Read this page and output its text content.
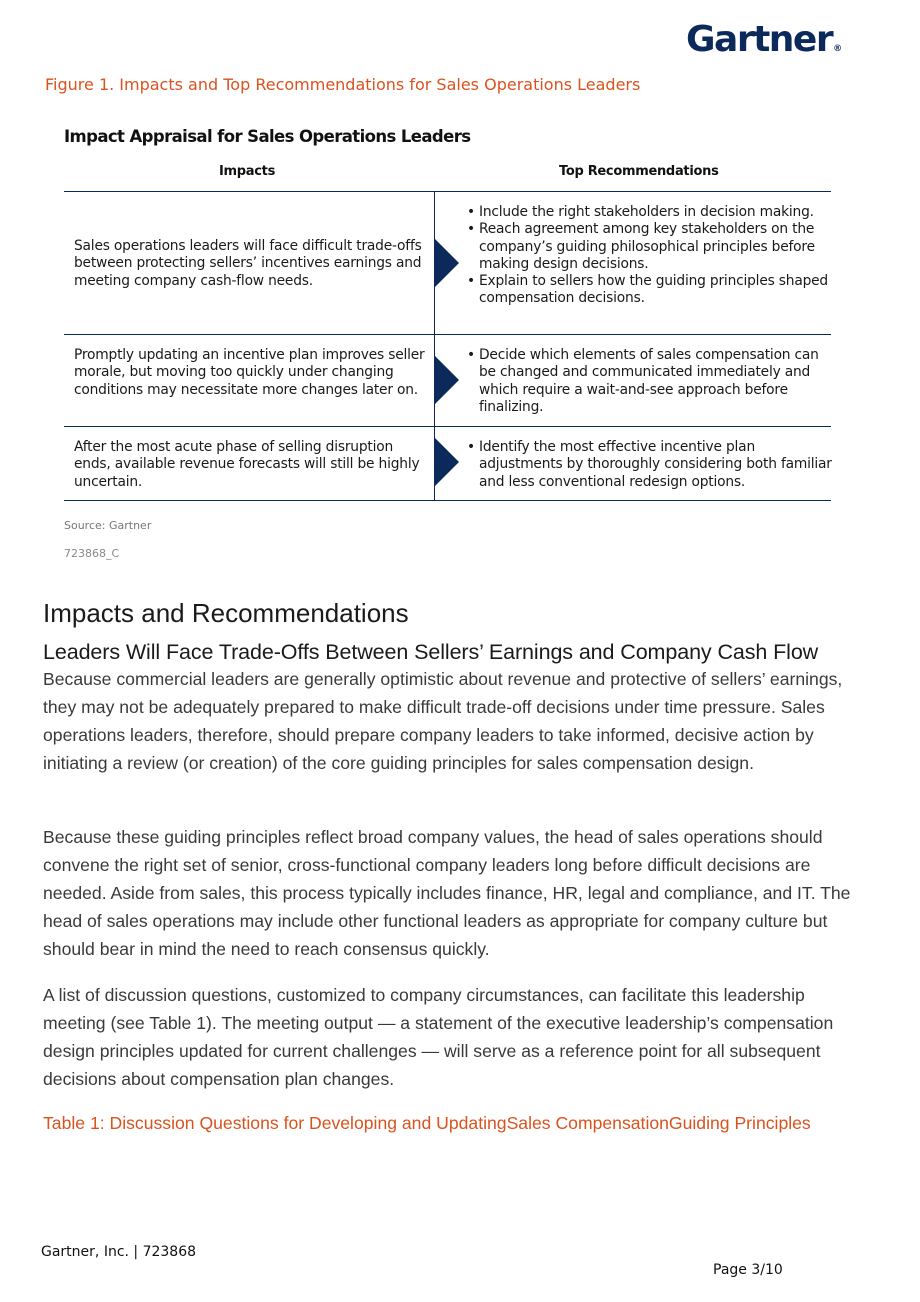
Gartner®
Figure 1. Impacts and Top Recommendations for Sales Operations Leaders
Impact Appraisal for Sales Operations Leaders
Impacts	Top Recommendations
Sales operations leaders will face difficult trade-offs between protecting sellers’ incentives earnings and meeting company cash-flow needs.
• Include the right stakeholders in decision making.
• Reach agreement among key stakeholders on the company’s guiding philosophical principles before making design decisions.
• Explain to sellers how the guiding principles shaped compensation decisions.
Promptly updating an incentive plan improves seller morale, but moving too quickly under changing conditions may necessitate more changes later on.
• Decide which elements of sales compensation can be changed and communicated immediately and which require a wait-and-see approach before finalizing.
After the most acute phase of selling disruption ends, available revenue forecasts will still be highly uncertain.
• Identify the most effective incentive plan adjustments by thoroughly considering both familiar and less conventional redesign options.
Source: Gartner
723868_C
Impacts and Recommendations
Leaders Will Face Trade-Offs Between Sellers’ Earnings and Company Cash Flow

Because commercial leaders are generally optimistic about revenue and protective of sellers’ earnings, they may not be adequately prepared to make difficult trade-off decisions under time pressure. Sales operations leaders, therefore, should prepare company leaders to take informed, decisive action by initiating a review (or creation) of the core guiding principles for sales compensation design.

Because these guiding principles reflect broad company values, the head of sales operations should convene the right set of senior, cross-functional company leaders long before difficult decisions are needed. Aside from sales, this process typically includes finance, HR, legal and compliance, and IT. The head of sales operations may include other functional leaders as appropriate for company culture but should bear in mind the need to reach consensus quickly.

A list of discussion questions, customized to company circumstances, can facilitate this leadership meeting (see Table 1). The meeting output — a statement of the executive leadership’s compensation design principles updated for current challenges — will serve as a reference point for all subsequent decisions about compensation plan changes.

Table 1: Discussion Questions for Developing and UpdatingSales CompensationGuiding Principles
Gartner, Inc. | 723868
Page 3/10
